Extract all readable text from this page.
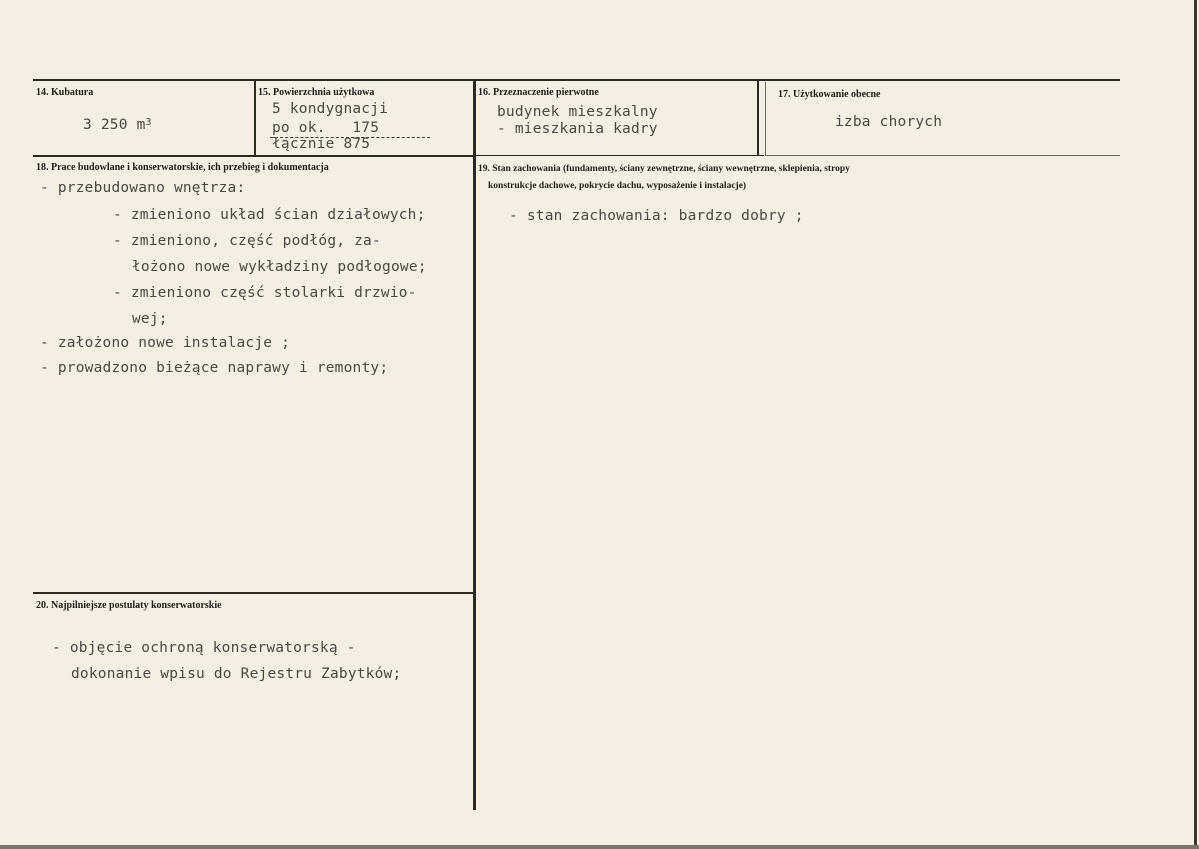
14. Kubatura
3 250 $m^3$
15. Powierzchnia użytkowa
5 kondygnacji
po ok.   175
łącznie 875
16. Przeznaczenie pierwotne
budynek mieszkalny
- mieszkania kadry
17. Użytkowanie obecne
izba chorych
18. Prace budowlane i konserwatorskie, ich przebieg i dokumentacja
- przebudowano wnętrza:
- zmieniono układ ścian działowych;
- zmieniono, część podłóg, za-
łożono nowe wykładziny podłogowe;
- zmieniono część stolarki drzwio-
wej;
- założono nowe instalacje ;
- prowadzono bieżące naprawy i remonty;
19. Stan zachowania (fundamenty, ściany zewnętrzne, ściany wewnętrzne, sklepienia, stropy
konstrukcje dachowe, pokrycie dachu, wyposażenie i instalacje)
- stan zachowania: bardzo dobry ;
20. Najpilniejsze postulaty konserwatorskie
- objęcie ochroną konserwatorską -
dokonanie wpisu do Rejestru Zabytków;
